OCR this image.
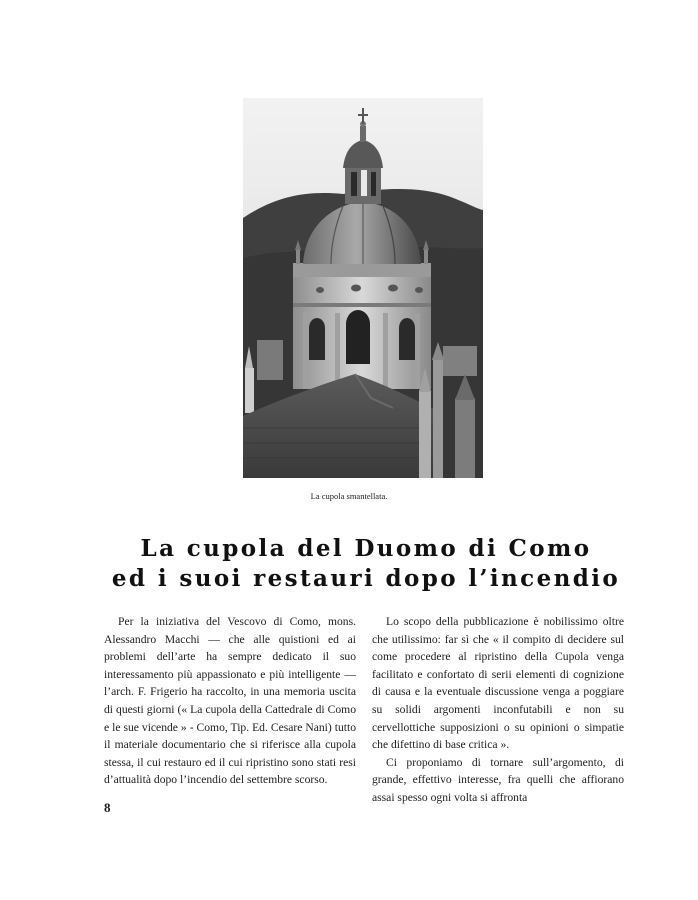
La cupola smantellata.
La cupola del Duomo di Como
ed i suoi restauri dopo l’incendio

Per la iniziativa del Vescovo di Como, mons. Alessandro Macchi — che alle quistioni ed ai problemi dell’arte ha sempre dedicato il suo interessamento più appassionato e più intelligente — l’arch. F. Frigerio ha raccolto, in una memoria uscita di questi giorni (« La cupola della Cattedrale di Como e le sue vicende » - Como, Tip. Ed. Cesare Nani) tutto il materiale documentario che si riferisce alla cupola stessa, il cui restauro ed il cui ripristino sono stati resi d’attualità dopo l’incendio del settembre scorso.

Lo scopo della pubblicazione è nobilissimo oltre che utilissimo: far sì che « il compito di decidere sul come procedere al ripristino della Cupola venga facilitato e confortato di serii elementi di cognizione di causa e la eventuale discussione venga a poggiare su solidi argomenti inconfutabili e non su cervellottiche supposizioni o su opinioni o simpatie che difettino di base critica ».

Ci proponiamo di tornare sull’argomento, di grande, effettivo interesse, fra quelli che affiorano assai spesso ogni volta si affronta

8
